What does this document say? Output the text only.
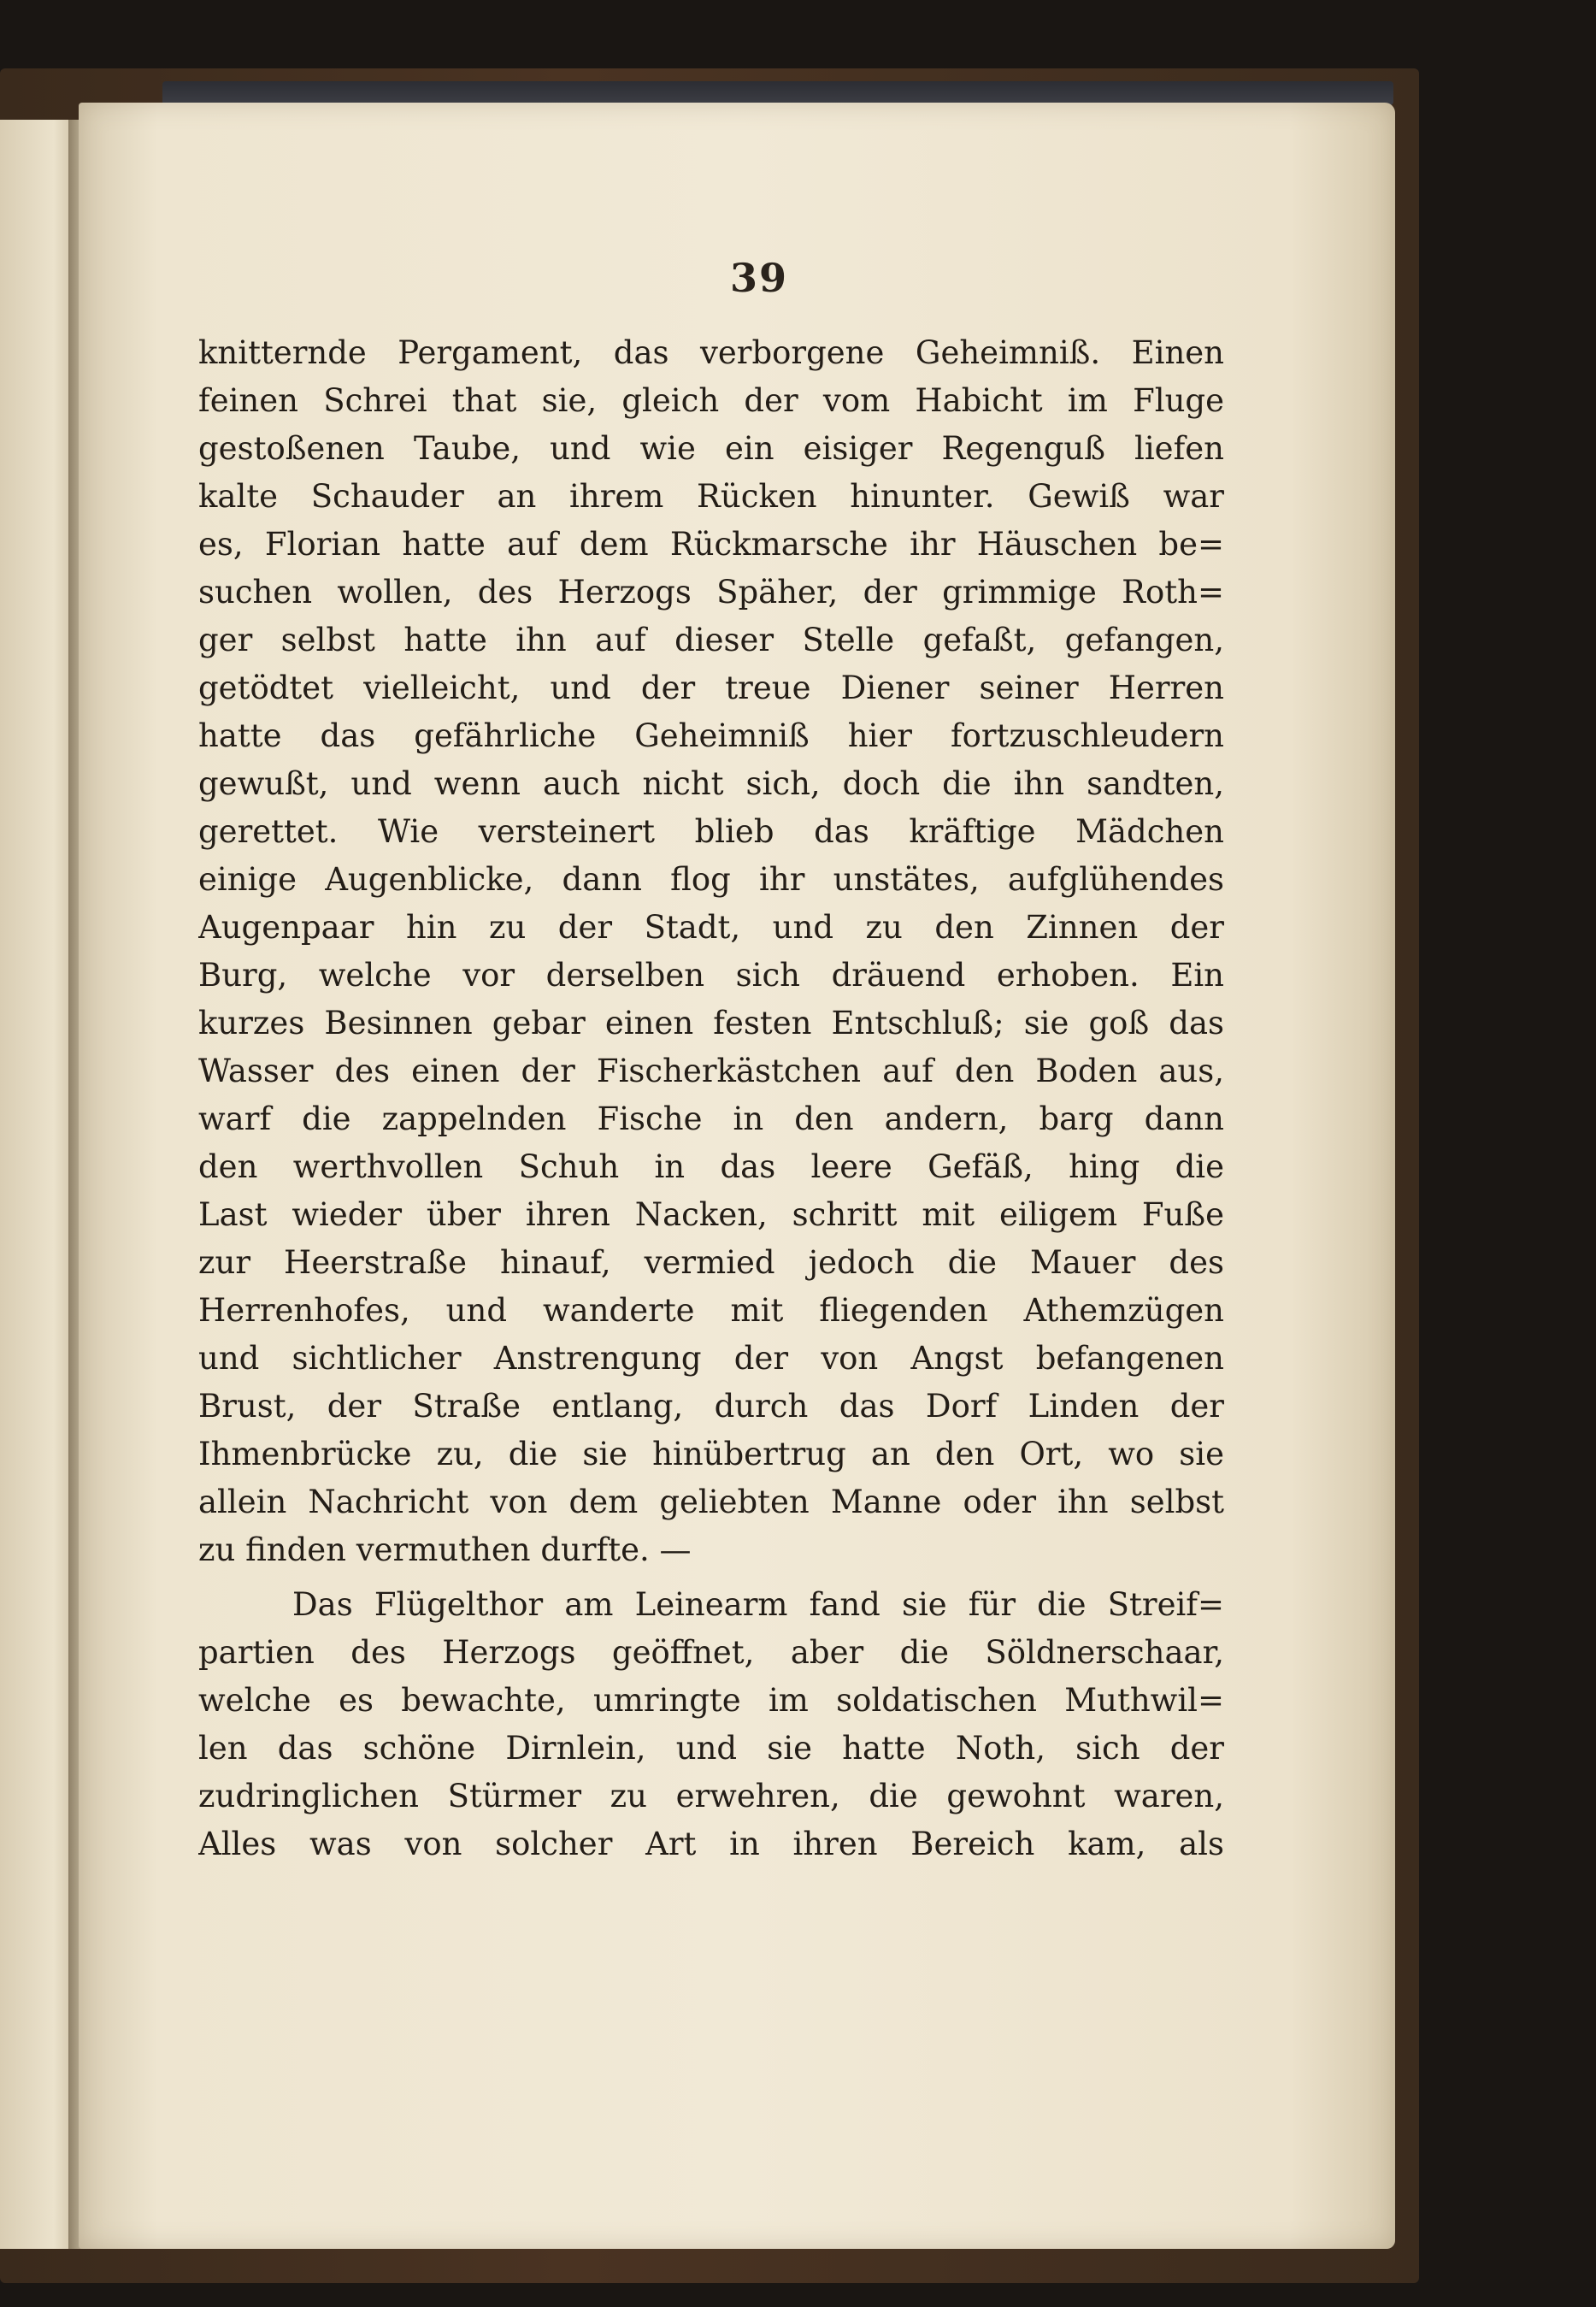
39
knitternde Pergament, das verborgene Geheimniß. Einen
feinen Schrei that sie, gleich der vom Habicht im Fluge
gestoßenen Taube, und wie ein eisiger Regenguß liefen
kalte Schauder an ihrem Rücken hinunter. Gewiß war
es, Florian hatte auf dem Rückmarsche ihr Häuschen be=
suchen wollen, des Herzogs Späher, der grimmige Roth=
ger selbst hatte ihn auf dieser Stelle gefaßt, gefangen,
getödtet vielleicht, und der treue Diener seiner Herren
hatte das gefährliche Geheimniß hier fortzuschleudern
gewußt, und wenn auch nicht sich, doch die ihn sandten,
gerettet. Wie versteinert blieb das kräftige Mädchen
einige Augenblicke, dann flog ihr unstätes, aufglühendes
Augenpaar hin zu der Stadt, und zu den Zinnen der
Burg, welche vor derselben sich dräuend erhoben. Ein
kurzes Besinnen gebar einen festen Entschluß; sie goß das
Wasser des einen der Fischerkästchen auf den Boden aus,
warf die zappelnden Fische in den andern, barg dann
den werthvollen Schuh in das leere Gefäß, hing die
Last wieder über ihren Nacken, schritt mit eiligem Fuße
zur Heerstraße hinauf, vermied jedoch die Mauer des
Herrenhofes, und wanderte mit fliegenden Athemzügen
und sichtlicher Anstrengung der von Angst befangenen
Brust, der Straße entlang, durch das Dorf Linden der
Ihmenbrücke zu, die sie hinübertrug an den Ort, wo sie
allein Nachricht von dem geliebten Manne oder ihn selbst
zu finden vermuthen durfte. —
Das Flügelthor am Leinearm fand sie für die Streif=
partien des Herzogs geöffnet, aber die Söldnerschaar,
welche es bewachte, umringte im soldatischen Muthwil=
len das schöne Dirnlein, und sie hatte Noth, sich der
zudringlichen Stürmer zu erwehren, die gewohnt waren,
Alles was von solcher Art in ihren Bereich kam, als
